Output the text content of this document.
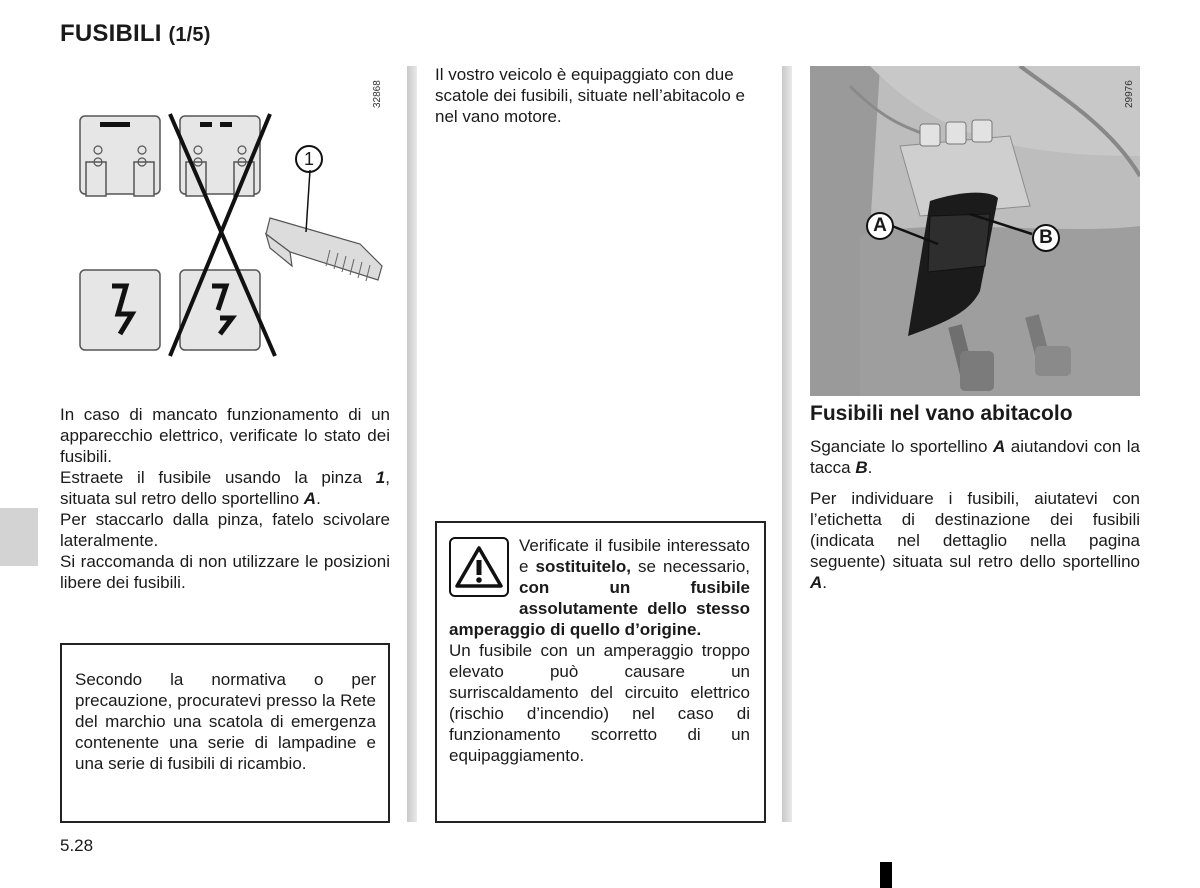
FUSIBILI (1/5)
1
32868
In caso di mancato funzionamento di un apparecchio elettrico, verificate lo stato dei fusibili.
Estraete il fusibile usando la pinza 1, situata sul retro dello sportellino A.
Per staccarlo dalla pinza, fatelo scivolare lateralmente.
Si raccomanda di non utilizzare le posizioni libere dei fusibili.
Secondo la normativa o per precauzione, procuratevi presso la Rete del marchio una scatola di emergenza contenente una serie di lampadine e una serie di fusibili di ricambio.
Il vostro veicolo è equipaggiato con due scatole dei fusibili, situate nell’abitacolo e nel vano motore.
Verificate il fusibile interessato e sostituitelo, se necessario, con un fusibile assolutamente dello stesso amperaggio di quello d’origine.
Un fusibile con un amperaggio troppo elevato può causare un surriscaldamento del circuito elettrico (rischio d’incendio) nel caso di funzionamento scorretto di un equipaggiamento.
A
B
29976
Fusibili nel vano abitacolo
Sganciate lo sportellino A aiutandovi con la tacca B.
Per individuare i fusibili, aiutatevi con l’etichetta di destinazione dei fusibili (indicata nel dettaglio nella pagina seguente) situata sul retro dello sportellino A.
5.28
